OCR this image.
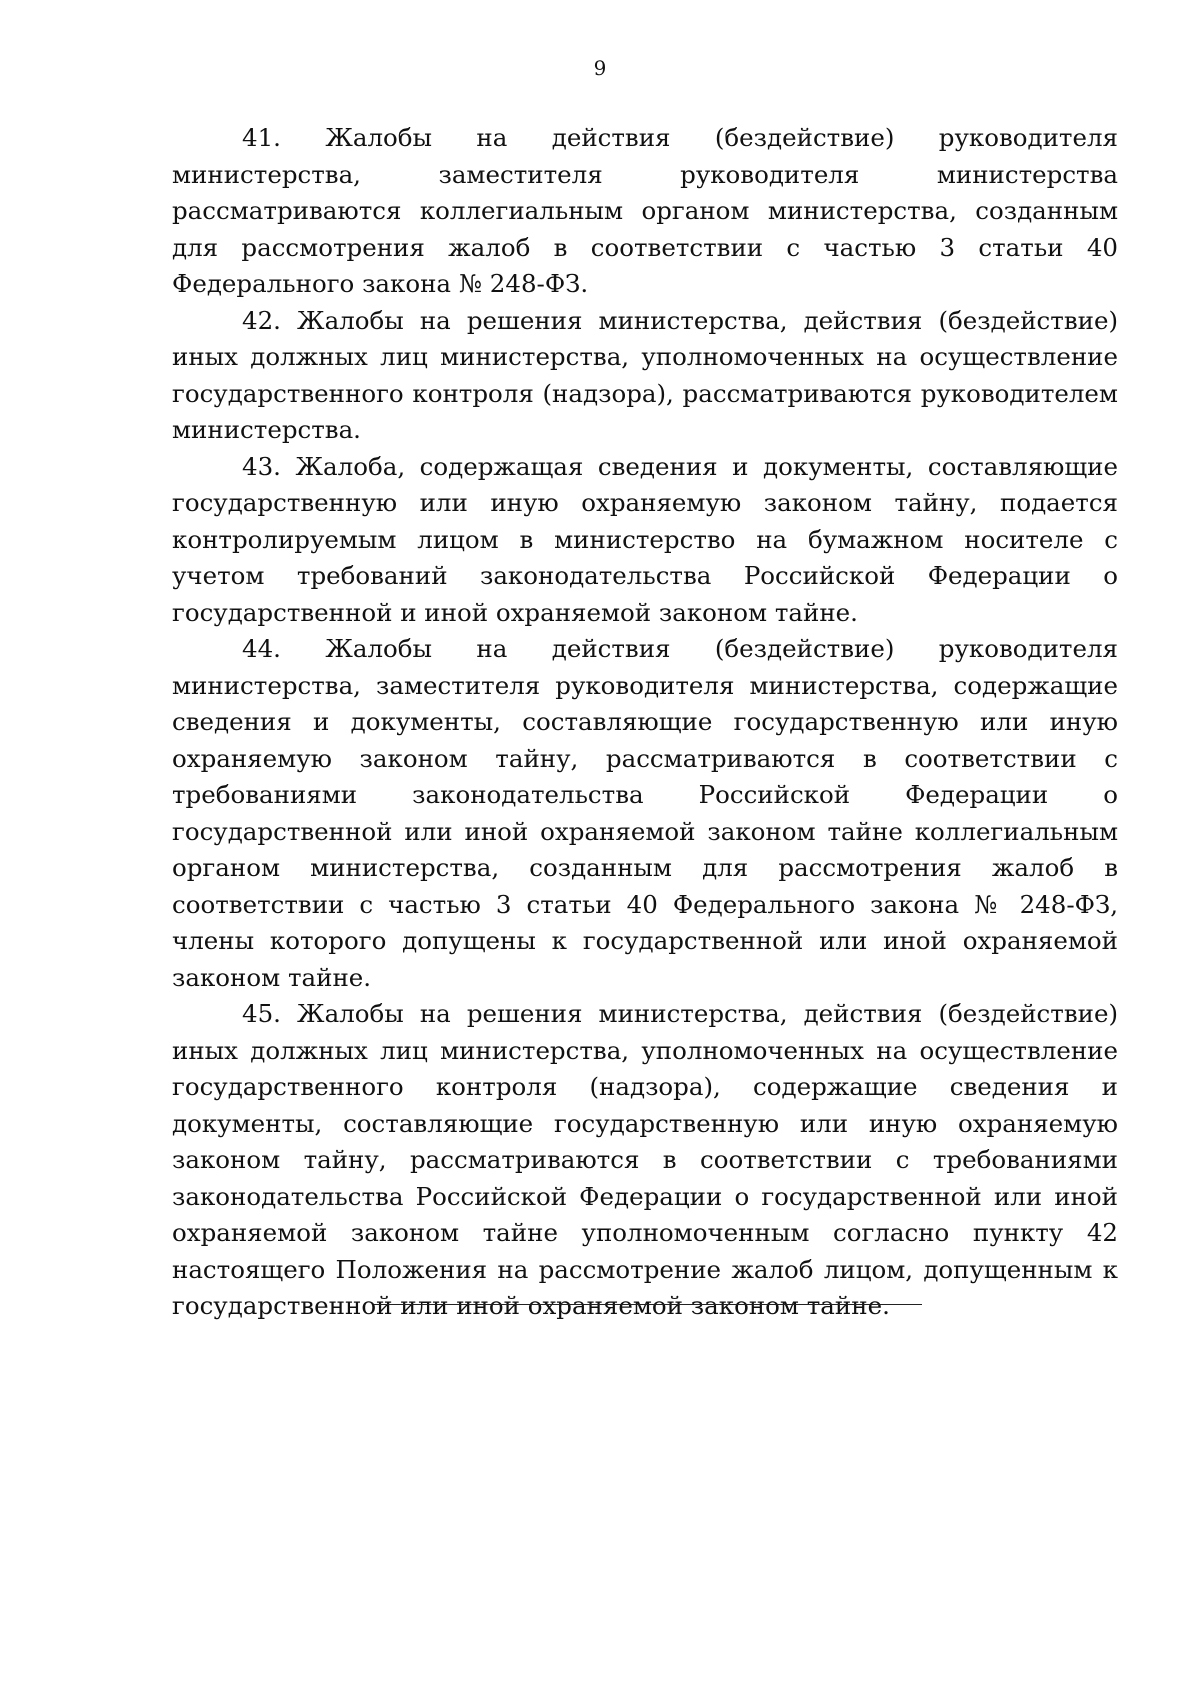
9

41. Жалобы на действия (бездействие) руководителя министерства, заместителя руководителя министерства рассматриваются коллегиальным органом министерства, созданным для рассмотрения жалоб в соответствии с частью 3 статьи 40 Федерального закона № 248-ФЗ.

42. Жалобы на решения министерства, действия (бездействие) иных должных лиц министерства, уполномоченных на осуществление государственного контроля (надзора), рассматриваются руководителем министерства.

43. Жалоба, содержащая сведения и документы, составляющие государственную или иную охраняемую законом тайну, подается контролируемым лицом в министерство на бумажном носителе с учетом требований законодательства Российской Федерации о государственной и иной охраняемой законом тайне.

44. Жалобы на действия (бездействие) руководителя министерства, заместителя руководителя министерства, содержащие сведения и документы, составляющие государственную или иную охраняемую законом тайну, рассматриваются в соответствии с требованиями законодательства Российской Федерации о государственной или иной охраняемой законом тайне коллегиальным органом министерства, созданным для рассмотрения жалоб в соответствии с частью 3 статьи 40 Федерального закона № 248-ФЗ, члены которого допущены к государственной или иной охраняемой законом тайне.

45. Жалобы на решения министерства, действия (бездействие) иных должных лиц министерства, уполномоченных на осуществление государственного контроля (надзора), содержащие сведения и документы, составляющие государственную или иную охраняемую законом тайну, рассматриваются в соответствии с требованиями законодательства Российской Федерации о государственной или иной охраняемой законом тайне уполномоченным согласно пункту 42 настоящего Положения на рассмотрение жалоб лицом, допущенным к государственной или иной охраняемой законом тайне.
